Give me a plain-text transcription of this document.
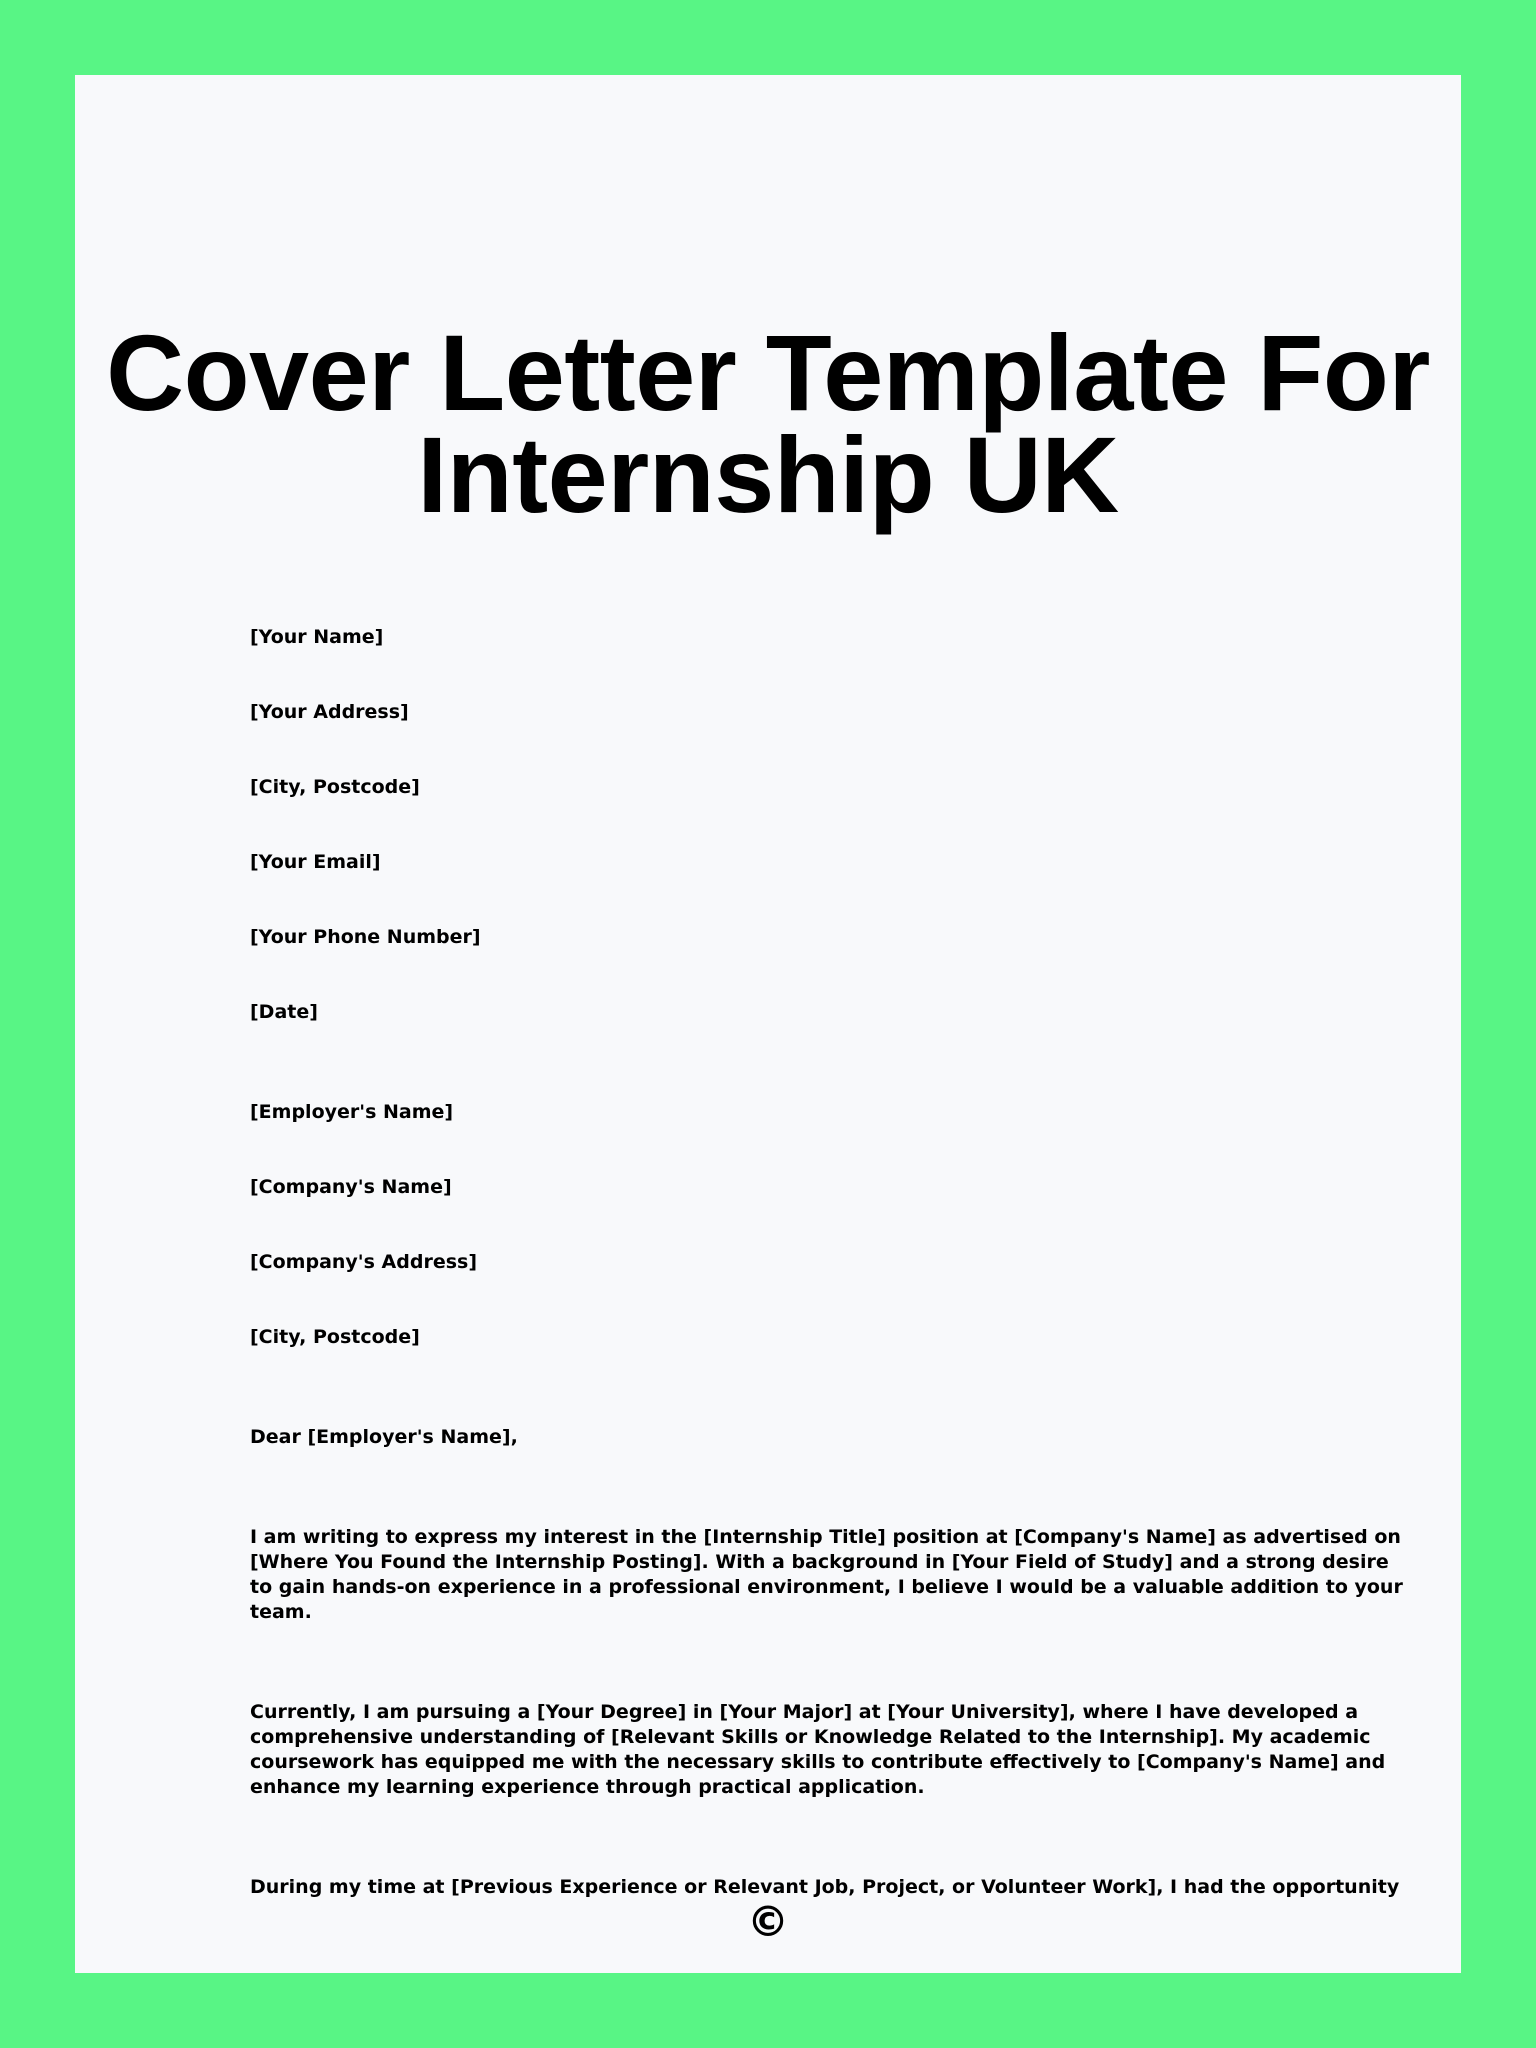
Cover Letter Template For
Internship UK
[Your Name]
[Your Address]
[City, Postcode]
[Your Email]
[Your Phone Number]
[Date]
[Employer's Name]
[Company's Name]
[Company's Address]
[City, Postcode]
Dear [Employer's Name],
I am writing to express my interest in the [Internship Title] position at [Company's Name] as advertised on
[Where You Found the Internship Posting]. With a background in [Your Field of Study] and a strong desire
to gain hands-on experience in a professional environment, I believe I would be a valuable addition to your
team.
Currently, I am pursuing a [Your Degree] in [Your Major] at [Your University], where I have developed a
comprehensive understanding of [Relevant Skills or Knowledge Related to the Internship]. My academic
coursework has equipped me with the necessary skills to contribute effectively to [Company's Name] and
enhance my learning experience through practical application.
During my time at [Previous Experience or Relevant Job, Project, or Volunteer Work], I had the opportunity
©
